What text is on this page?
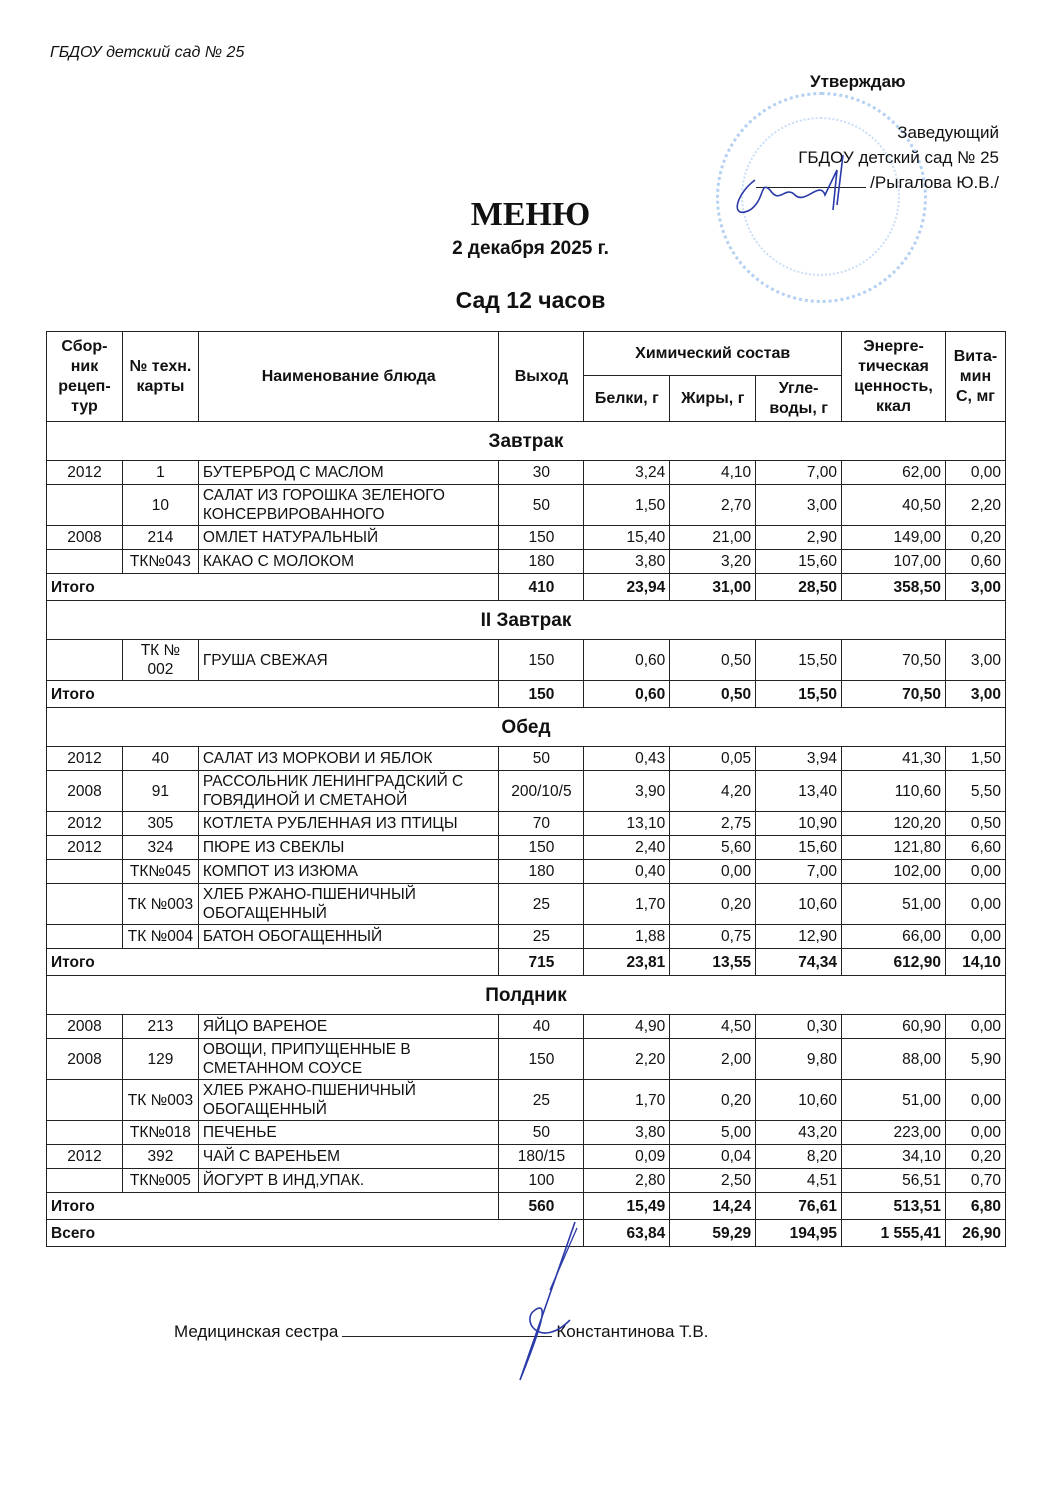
ГБДОУ детский сад № 25
Утверждаю
Заведующий
ГБДОУ детский сад № 25
/Рыгалова Ю.В./
МЕНЮ
2 декабря 2025 г.
Сад 12 часов
Сбор-ник рецеп-тур	№ техн. карты	Наименование блюда	Выход	Химический состав			Энерге-тическая ценность, ккал	Вита-мин С, мг
				Белки, г	Жиры, г	Угле-воды, г		
Завтрак								
2012	1	БУТЕРБРОД С МАСЛОМ	30	3,24	4,10	7,00	62,00	0,00
	10	САЛАТ ИЗ ГОРОШКА ЗЕЛЕНОГО КОНСЕРВИРОВАННОГО	50	1,50	2,70	3,00	40,50	2,20
2008	214	ОМЛЕТ НАТУРАЛЬНЫЙ	150	15,40	21,00	2,90	149,00	0,20
	ТК№043	КАКАО С МОЛОКОМ	180	3,80	3,20	15,60	107,00	0,60
Итого			410	23,94	31,00	28,50	358,50	3,00
II Завтрак								
	ТК № 002	ГРУША СВЕЖАЯ	150	0,60	0,50	15,50	70,50	3,00
Итого			150	0,60	0,50	15,50	70,50	3,00
Обед								
2012	40	САЛАТ ИЗ МОРКОВИ И ЯБЛОК	50	0,43	0,05	3,94	41,30	1,50
2008	91	РАССОЛЬНИК ЛЕНИНГРАДСКИЙ С ГОВЯДИНОЙ И СМЕТАНОЙ	200/10/5	3,90	4,20	13,40	110,60	5,50
2012	305	КОТЛЕТА РУБЛЕННАЯ ИЗ ПТИЦЫ	70	13,10	2,75	10,90	120,20	0,50
2012	324	ПЮРЕ ИЗ СВЕКЛЫ	150	2,40	5,60	15,60	121,80	6,60
	ТК№045	КОМПОТ ИЗ ИЗЮМА	180	0,40	0,00	7,00	102,00	0,00
	ТК №003	ХЛЕБ РЖАНО-ПШЕНИЧНЫЙ ОБОГАЩЕННЫЙ	25	1,70	0,20	10,60	51,00	0,00
	ТК №004	БАТОН ОБОГАЩЕННЫЙ	25	1,88	0,75	12,90	66,00	0,00
Итого			715	23,81	13,55	74,34	612,90	14,10
Полдник								
2008	213	ЯЙЦО ВАРЕНОЕ	40	4,90	4,50	0,30	60,90	0,00
2008	129	ОВОЩИ, ПРИПУЩЕННЫЕ В СМЕТАННОМ СОУСЕ	150	2,20	2,00	9,80	88,00	5,90
	ТК №003	ХЛЕБ РЖАНО-ПШЕНИЧНЫЙ ОБОГАЩЕННЫЙ	25	1,70	0,20	10,60	51,00	0,00
	ТК№018	ПЕЧЕНЬЕ	50	3,80	5,00	43,20	223,00	0,00
2012	392	ЧАЙ С ВАРЕНЬЕМ	180/15	0,09	0,04	8,20	34,10	0,20
	ТК№005	ЙОГУРТ В ИНД,УПАК.	100	2,80	2,50	4,51	56,51	0,70
Итого			560	15,49	14,24	76,61	513,51	6,80
Всего				63,84	59,29	194,95	1 555,41	26,90
Медицинская сестра	Константинова Т.В.
